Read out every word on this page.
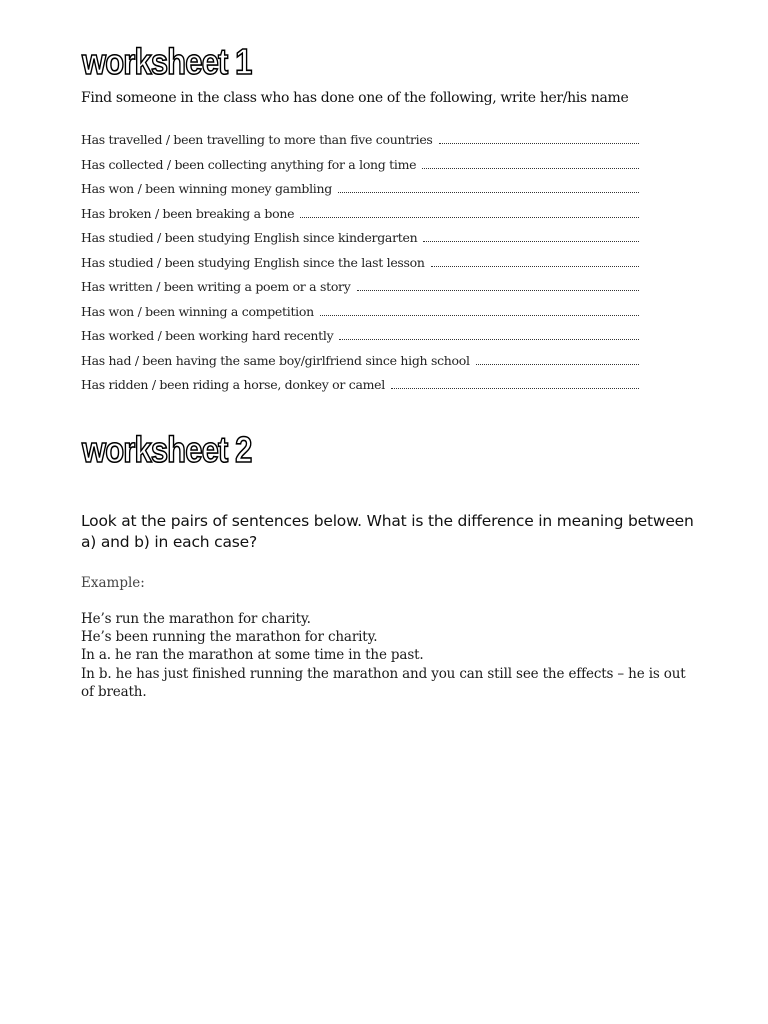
worksheet 1
Find someone in the class who has done one of the following, write her/his name
Has travelled / been travelling to more than five countries
Has collected / been collecting anything for a long time
Has won / been winning money gambling
Has broken / been breaking a bone
Has studied / been studying English since kindergarten
Has studied / been studying English since the last lesson
Has written / been writing a poem or a story
Has won / been winning a competition
Has worked / been working hard recently
Has had / been having the same boy/girlfriend since high school
Has ridden / been riding a horse, donkey or camel
worksheet 2
Look at the pairs of sentences below. What is the difference in meaning between a) and b) in each case?
Example:

He’s run the marathon for charity.

He’s been running the marathon for charity.

In a. he ran the marathon at some time in the past.

In b. he has just finished running the marathon and you can still see the effects – he is out of breath.
